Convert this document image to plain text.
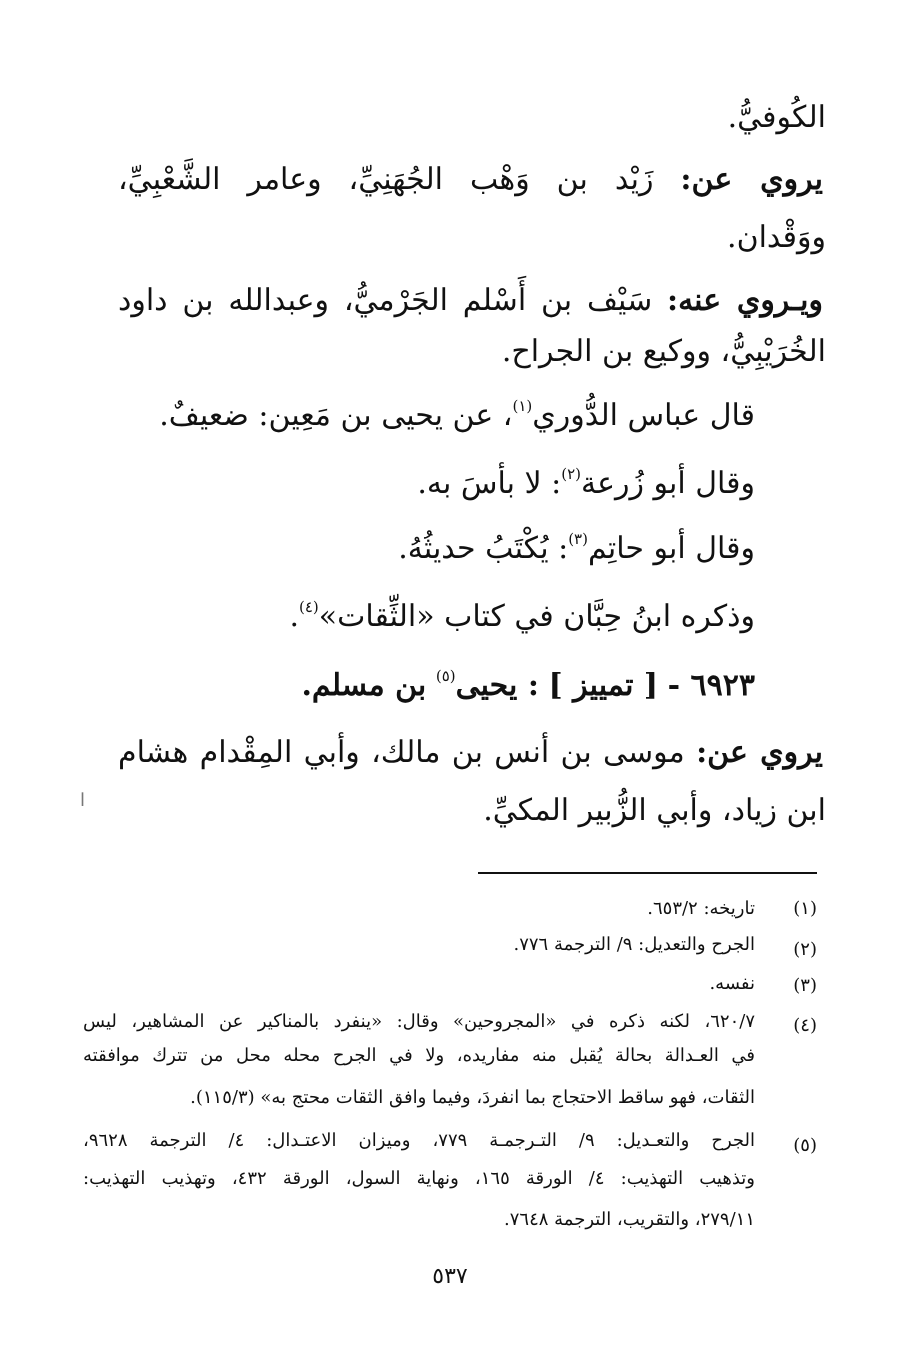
الكُوفيُّ.
يروي عن: زَيْد بن وَهْب الجُهَنِيِّ، وعامر الشَّعْبِيِّ،
ووَقْدان.
ويـروي عنه: سَيْف بن أَسْلم الجَرْميُّ، وعبدالله بن داود
الخُرَيْبِيُّ، ووكيع بن الجراح.
قال عباس الدُّوري$^{(١)}$، عن يحيى بن مَعِين: ضعيفٌ.
وقال أبو زُرعة$^{(٢)}$: لا بأسَ به.
وقال أبو حاتِم$^{(٣)}$: يُكْتَبُ حديثُهُ.
وذكره ابنُ حِبَّان في كتاب «الثِّقات»$^{(٤)}$.
٦٩٢٣ - [ تمييز ] : يحيى$^{(٥)}$ بن مسلم.
يروي عن: موسى بن أنس بن مالك، وأبي المِقْدام هشام
ابن زياد، وأبي الزُّبير المكيِّ.
ا
(١)
تاريخه: ٦٥٣/٢.
(٢)
الجرح والتعديل: ٩/ الترجمة ٧٧٦.
(٣)
نفسه.
(٤)
٦٢٠/٧، لكنه ذكره في «المجروحين» وقال: «ينفرد بالمناكير عن المشاهير، ليس
في العـدالة بحالة يُقبل منه مفاريده، ولا في الجرح محله محل من تترك موافقته
الثقات، فهو ساقط الاحتجاج بما انفردَ، وفيما وافق الثقات محتج به» (١١٥/٣).
(٥)
الجرح والتعـديل: ٩/ التـرجمـة ٧٧٩، وميزان الاعتـدال: ٤/ الترجمة ٩٦٢٨،
وتذهيب التهذيب: ٤/ الورقة ١٦٥، ونهاية السول، الورقة ٤٣٢، وتهذيب التهذيب:
٢٧٩/١١، والتقريب، الترجمة ٧٦٤٨.
٥٣٧
